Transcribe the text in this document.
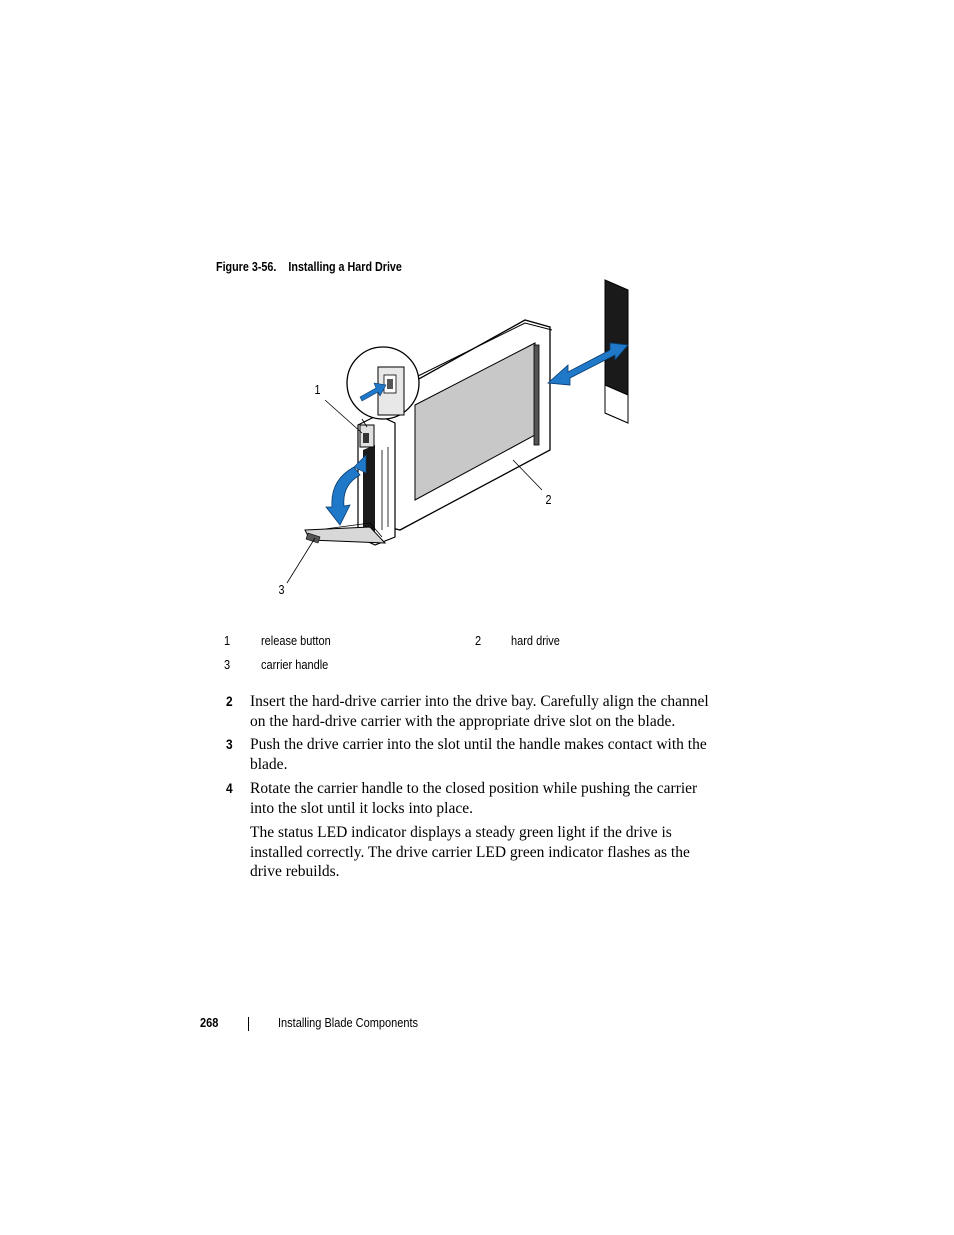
Figure 3-56. Installing a Hard Drive
1
2
3
1 release button	2 hard drive
3 carrier handle
2 Insert the hard-drive carrier into the drive bay. Carefully align the channel on the hard-drive carrier with the appropriate drive slot on the blade.
3 Push the drive carrier into the slot until the handle makes contact with the blade.
4 Rotate the carrier handle to the closed position while pushing the carrier into the slot until it locks into place.
The status LED indicator displays a steady green light if the drive is installed correctly. The drive carrier LED green indicator flashes as the drive rebuilds.
268	Installing Blade Components
